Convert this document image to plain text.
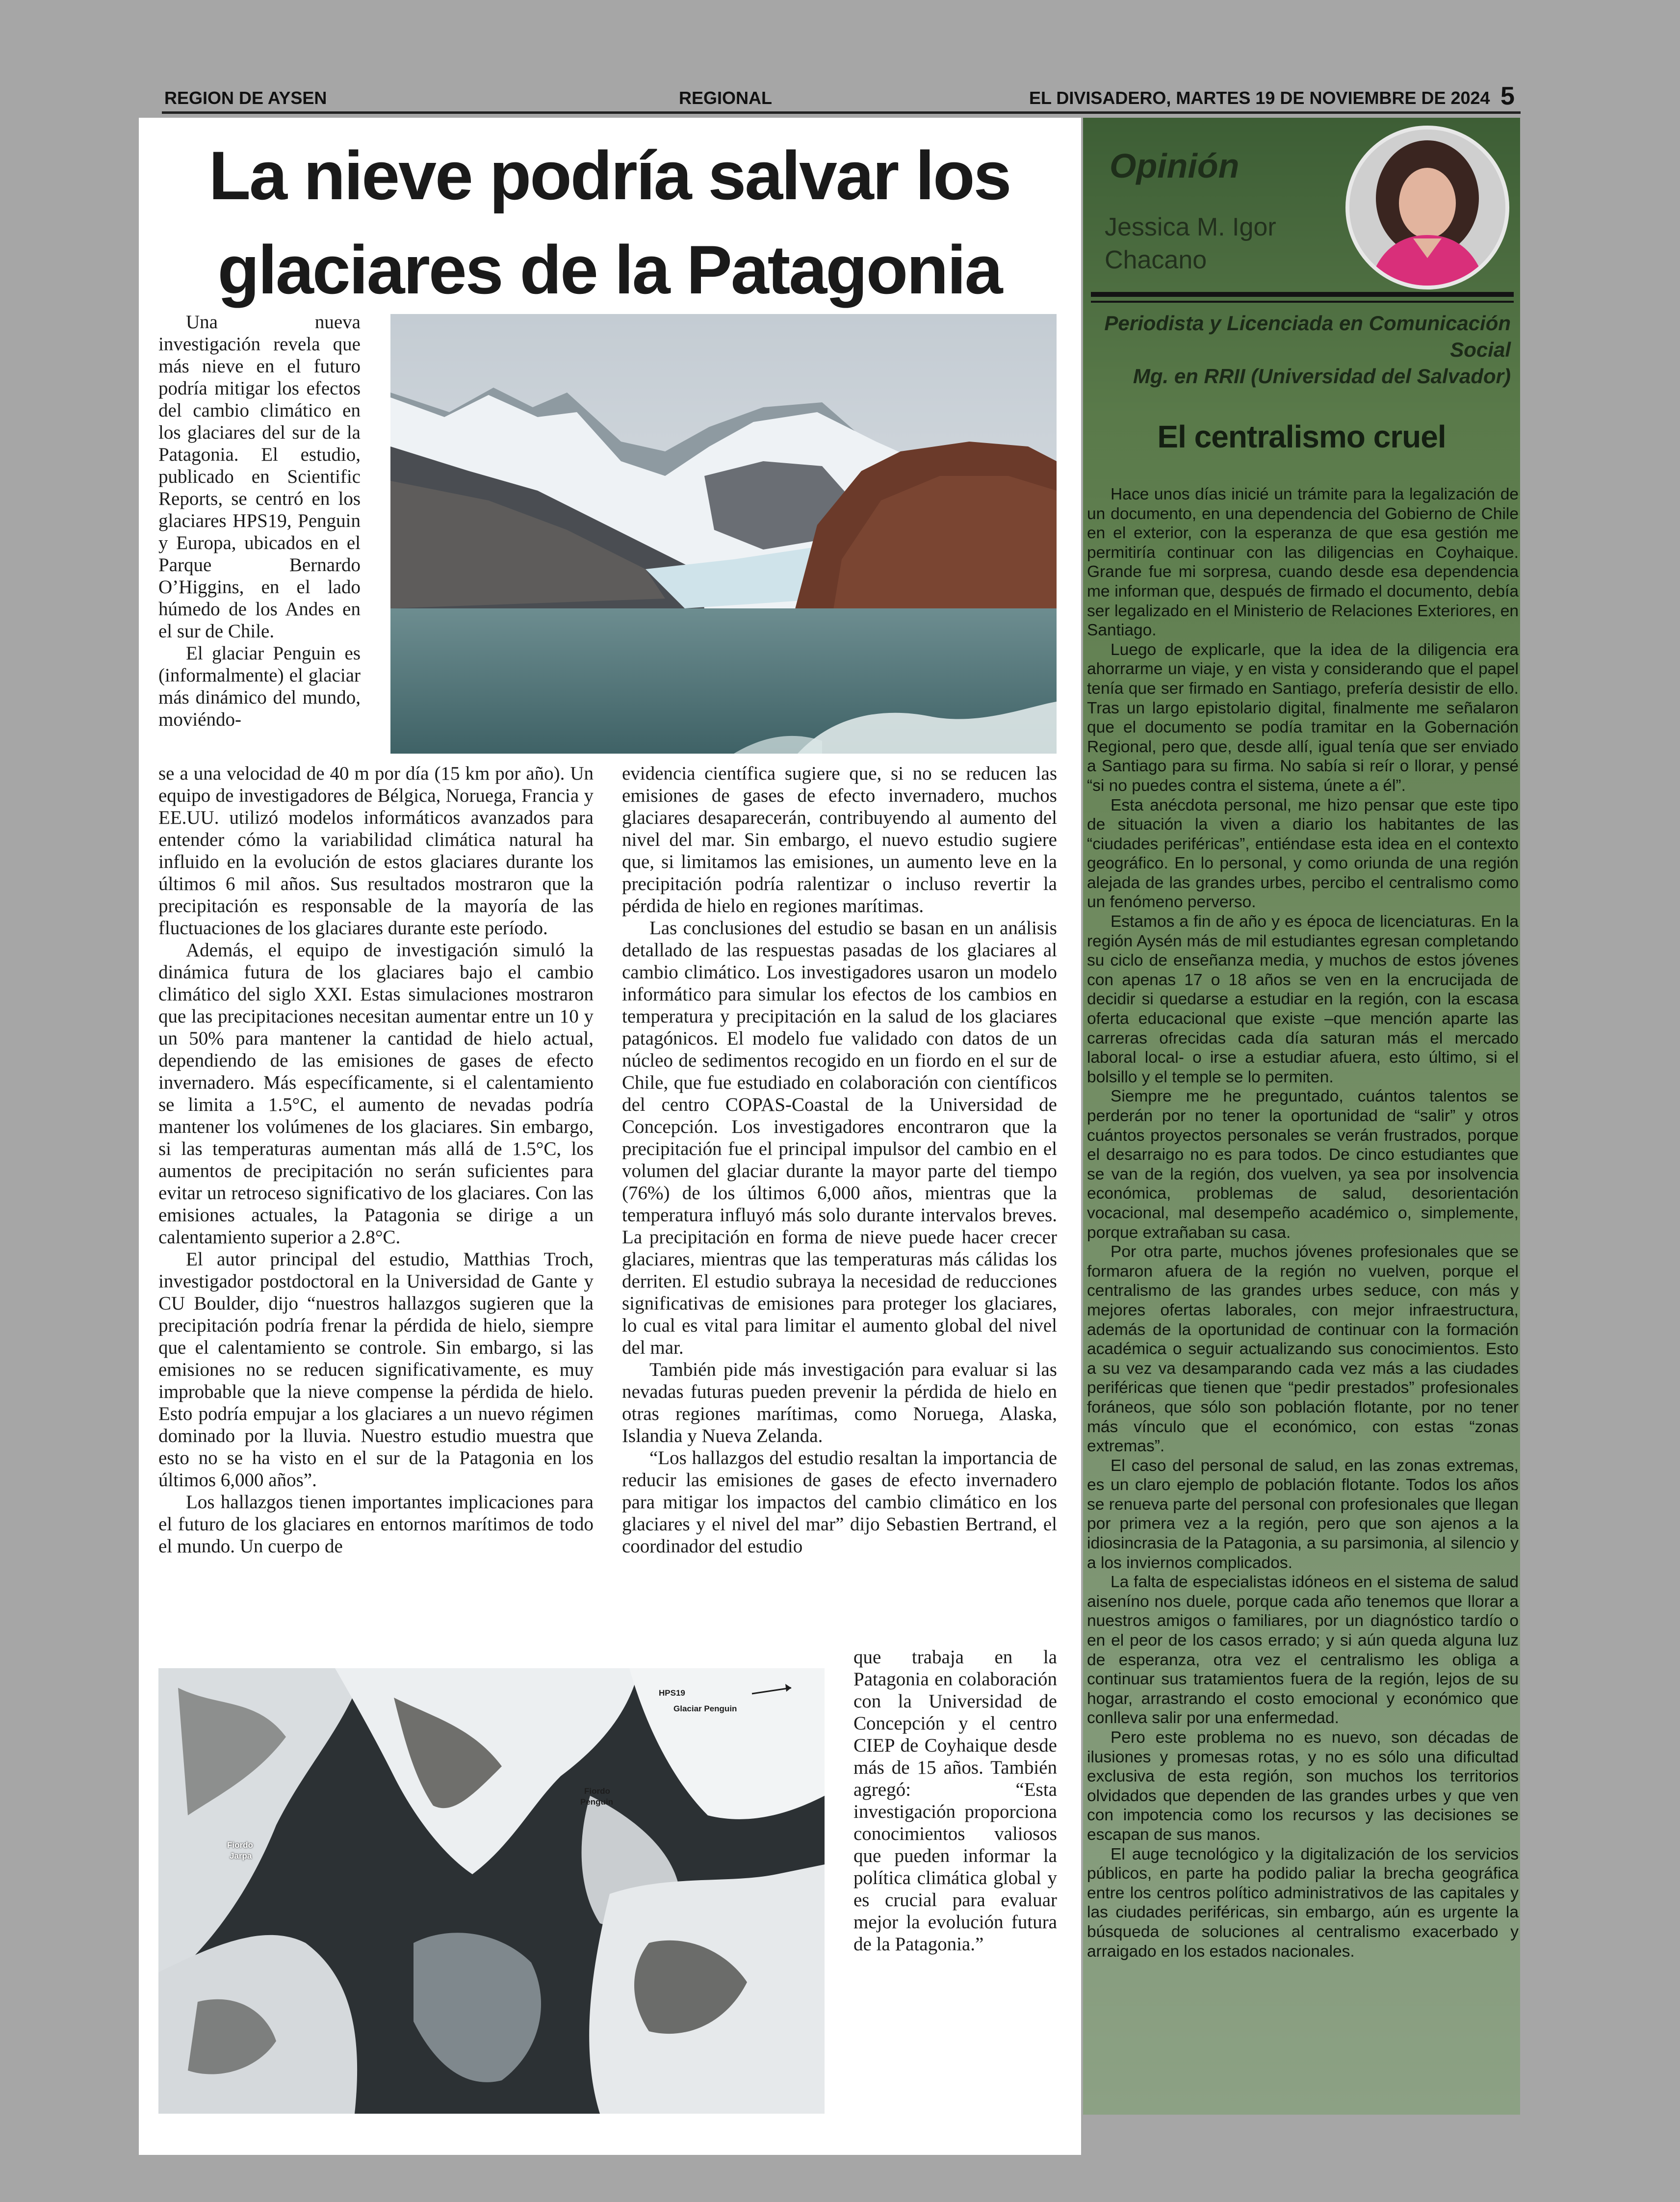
REGION DE AYSEN	REGIONAL	EL DIVISADERO, MARTES 19 DE NOVIEMBRE DE 2024 5
La nieve podría salvar los
glaciares de la Patagonia

Una nueva investigación revela que más nieve en el futuro podría mitigar los efectos del cambio climático en los glaciares del sur de la Patagonia. El estudio, publicado en Scientific Reports, se centró en los glaciares HPS19, Penguin y Europa, ubicados en el Parque Bernardo O’Higgins, en el lado húmedo de los Andes en el sur de Chile.

El glaciar Penguin es (informalmente) el glaciar más dinámico del mundo, moviéndo-

se a una velocidad de 40 m por día (15 km por año). Un equipo de investigadores de Bélgica, Noruega, Francia y EE.UU. utilizó modelos informáticos avanzados para entender cómo la variabilidad climática natural ha influido en la evolución de estos glaciares durante los últimos 6 mil años. Sus resultados mostraron que la precipitación es responsable de la mayoría de las fluctuaciones de los glaciares durante este período.

Además, el equipo de investigación simuló la dinámica futura de los glaciares bajo el cambio climático del siglo XXI. Estas simulaciones mostraron que las precipitaciones necesitan aumentar entre un 10 y un 50% para mantener la cantidad de hielo actual, dependiendo de las emisiones de gases de efecto invernadero. Más específicamente, si el calentamiento se limita a 1.5°C, el aumento de nevadas podría mantener los volúmenes de los glaciares. Sin embargo, si las temperaturas aumentan más allá de 1.5°C, los aumentos de precipitación no serán suficientes para evitar un retroceso significativo de los glaciares. Con las emisiones actuales, la Patagonia se dirige a un calentamiento superior a 2.8°C.

El autor principal del estudio, Matthias Troch, investigador postdoctoral en la Universidad de Gante y CU Boulder, dijo “nuestros hallazgos sugieren que la precipitación podría frenar la pérdida de hielo, siempre que el calentamiento se controle. Sin embargo, si las emisiones no se reducen significativamente, es muy improbable que la nieve compense la pérdida de hielo. Esto podría empujar a los glaciares a un nuevo régimen dominado por la lluvia. Nuestro estudio muestra que esto no se ha visto en el sur de la Patagonia en los últimos 6,000 años”.

Los hallazgos tienen importantes implicaciones para el futuro de los glaciares en entornos marítimos de todo el mundo. Un cuerpo de

evidencia científica sugiere que, si no se reducen las emisiones de gases de efecto invernadero, muchos glaciares desaparecerán, contribuyendo al aumento del nivel del mar. Sin embargo, el nuevo estudio sugiere que, si limitamos las emisiones, un aumento leve en la precipitación podría ralentizar o incluso revertir la pérdida de hielo en regiones marítimas.

Las conclusiones del estudio se basan en un análisis detallado de las respuestas pasadas de los glaciares al cambio climático. Los investigadores usaron un modelo informático para simular los efectos de los cambios en temperatura y precipitación en la salud de los glaciares patagónicos. El modelo fue validado con datos de un núcleo de sedimentos recogido en un fiordo en el sur de Chile, que fue estudiado en colaboración con científicos del centro COPAS-Coastal de la Universidad de Concepción. Los investigadores encontraron que la precipitación fue el principal impulsor del cambio en el volumen del glaciar durante la mayor parte del tiempo (76%) de los últimos 6,000 años, mientras que la temperatura influyó más solo durante intervalos breves. La precipitación en forma de nieve puede hacer crecer glaciares, mientras que las temperaturas más cálidas los derriten. El estudio subraya la necesidad de reducciones significativas de emisiones para proteger los glaciares, lo cual es vital para limitar el aumento global del nivel del mar.

También pide más investigación para evaluar si las nevadas futuras pueden prevenir la pérdida de hielo en otras regiones marítimas, como Noruega, Alaska, Islandia y Nueva Zelanda.

“Los hallazgos del estudio resaltan la importancia de reducir las emisiones de gases de efecto invernadero para mitigar los impactos del cambio climático en los glaciares y el nivel del mar” dijo Sebastien Bertrand, el coordinador del estudio

que trabaja en la Patagonia en colaboración con la Universidad de Concepción y el centro CIEP de Coyhaique desde más de 15 años. También agregó: “Esta investigación proporciona conocimientos valiosos que pueden informar la política climática global y es crucial para evaluar mejor la evolución futura de la Patagonia.”

HPS19
Glaciar Penguin
Fiordo
Penguin
Fiordo
Jarpa
Opinión
Jessica M. Igor
Chacano
Periodista y Licenciada en Comunicación Social
Mg. en RRII (Universidad del Salvador)
El centralismo cruel

Hace unos días inicié un trámite para la legalización de un documento, en una dependencia del Gobierno de Chile en el exterior, con la esperanza de que esa gestión me permitiría continuar con las diligencias en Coyhaique. Grande fue mi sorpresa, cuando desde esa dependencia me informan que, después de firmado el documento, debía ser legalizado en el Ministerio de Relaciones Exteriores, en Santiago.

Luego de explicarle, que la idea de la diligencia era ahorrarme un viaje, y en vista y considerando que el papel tenía que ser firmado en Santiago, prefería desistir de ello. Tras un largo epistolario digital, finalmente me señalaron que el documento se podía tramitar en la Gobernación Regional, pero que, desde allí, igual tenía que ser enviado a Santiago para su firma. No sabía si reír o llorar, y pensé “si no puedes contra el sistema, únete a él”.

Esta anécdota personal, me hizo pensar que este tipo de situación la viven a diario los habitantes de las “ciudades periféricas”, entiéndase esta idea en el contexto geográfico. En lo personal, y como oriunda de una región alejada de las grandes urbes, percibo el centralismo como un fenómeno perverso.

Estamos a fin de año y es época de licenciaturas. En la región Aysén más de mil estudiantes egresan completando su ciclo de enseñanza media, y muchos de estos jóvenes con apenas 17 o 18 años se ven en la encrucijada de decidir si quedarse a estudiar en la región, con la escasa oferta educacional que existe –que mención aparte las carreras ofrecidas cada día saturan más el mercado laboral local- o irse a estudiar afuera, esto último, si el bolsillo y el temple se lo permiten.

Siempre me he preguntado, cuántos talentos se perderán por no tener la oportunidad de “salir” y otros cuántos proyectos personales se verán frustrados, porque el desarraigo no es para todos. De cinco estudiantes que se van de la región, dos vuelven, ya sea por insolvencia económica, problemas de salud, desorientación vocacional, mal desempeño académico o, simplemente, porque extrañaban su casa.

Por otra parte, muchos jóvenes profesionales que se formaron afuera de la región no vuelven, porque el centralismo de las grandes urbes seduce, con más y mejores ofertas laborales, con mejor infraestructura, además de la oportunidad de continuar con la formación académica o seguir actualizando sus conocimientos. Esto a su vez va desamparando cada vez más a las ciudades periféricas que tienen que “pedir prestados” profesionales foráneos, que sólo son población flotante, por no tener más vínculo que el económico, con estas “zonas extremas”.

El caso del personal de salud, en las zonas extremas, es un claro ejemplo de población flotante. Todos los años se renueva parte del personal con profesionales que llegan por primera vez a la región, pero que son ajenos a la idiosincrasia de la Patagonia, a su parsimonia, al silencio y a los inviernos complicados.

La falta de especialistas idóneos en el sistema de salud aiseníno nos duele, porque cada año tenemos que llorar a nuestros amigos o familiares, por un diagnóstico tardío o en el peor de los casos errado; y si aún queda alguna luz de esperanza, otra vez el centralismo les obliga a continuar sus tratamientos fuera de la región, lejos de su hogar, arrastrando el costo emocional y económico que conlleva salir por una enfermedad.

Pero este problema no es nuevo, son décadas de ilusiones y promesas rotas, y no es sólo una dificultad exclusiva de esta región, son muchos los territorios olvidados que dependen de las grandes urbes y que ven con impotencia como los recursos y las decisiones se escapan de sus manos.

El auge tecnológico y la digitalización de los servicios públicos, en parte ha podido paliar la brecha geográfica entre los centros político administrativos de las capitales y las ciudades periféricas, sin embargo, aún es urgente la búsqueda de soluciones al centralismo exacerbado y arraigado en los estados nacionales.
